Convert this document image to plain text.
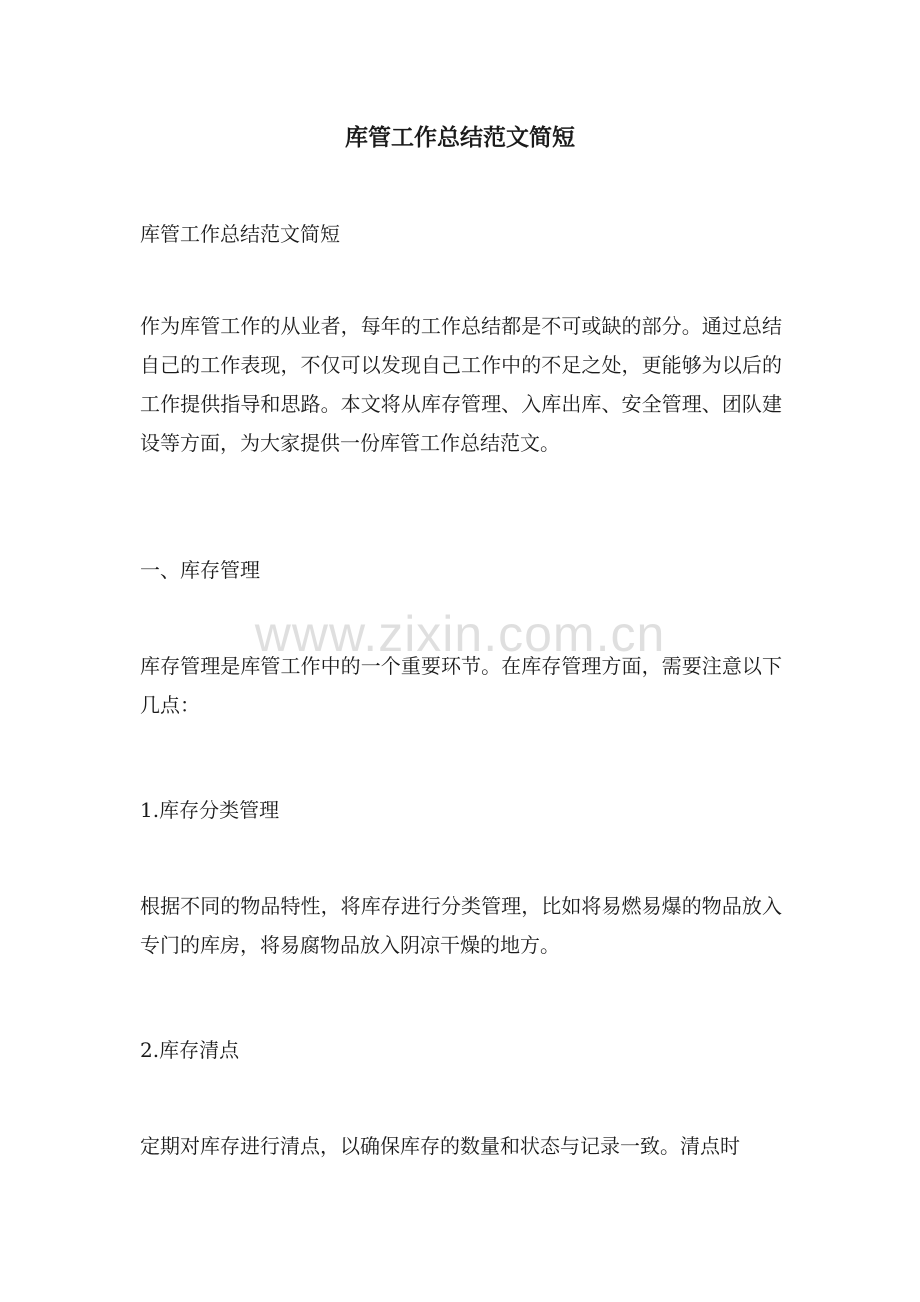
库管工作总结范文简短

库管工作总结范文简短

作为库管工作的从业者，每年的工作总结都是不可或缺的部分。通过总结自己的工作表现，不仅可以发现自己工作中的不足之处，更能够为以后的工作提供指导和思路。本文将从库存管理、入库出库、安全管理、团队建设等方面，为大家提供一份库管工作总结范文。

一、库存管理

库存管理是库管工作中的一个重要环节。在库存管理方面，需要注意以下几点：

1.库存分类管理

根据不同的物品特性，将库存进行分类管理，比如将易燃易爆的物品放入专门的库房，将易腐物品放入阴凉干燥的地方。

2.库存清点

定期对库存进行清点，以确保库存的数量和状态与记录一致。清点时

www.zixin.com.cn
